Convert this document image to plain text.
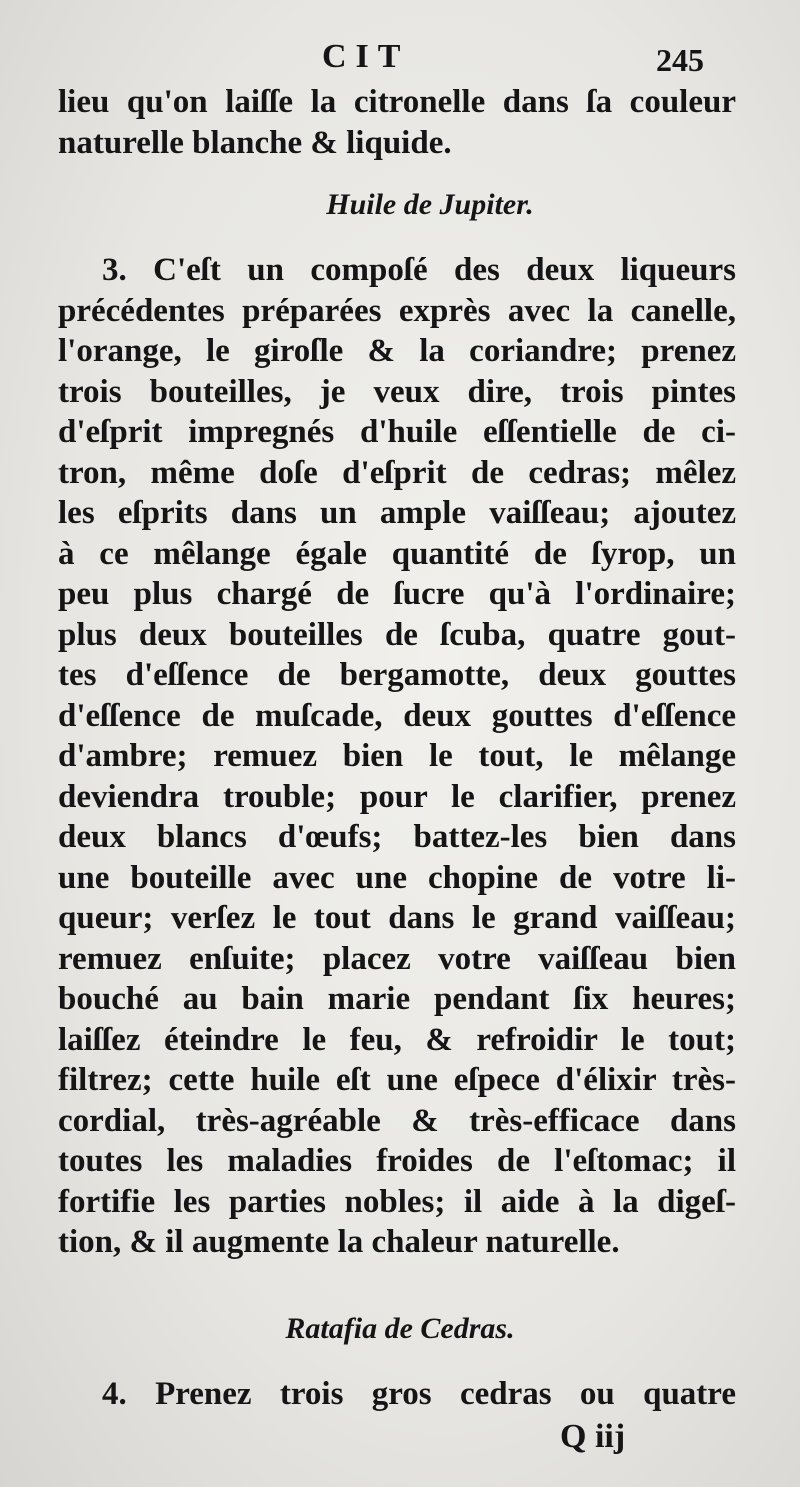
CIT	245
lieu qu'on laiſſe la citronelle dans ſa couleur
naturelle blanche & liquide.
Huile de Jupiter.
3. C'eſt un compoſé des deux liqueurs
précédentes préparées exprès avec la canelle,
l'orange, le giroſle & la coriandre; prenez
trois bouteilles, je veux dire, trois pintes
d'eſprit impregnés d'huile eſſentielle de ci-
tron, même doſe d'eſprit de cedras; mêlez
les eſprits dans un ample vaiſſeau; ajoutez
à ce mêlange égale quantité de ſyrop, un
peu plus chargé de ſucre qu'à l'ordinaire;
plus deux bouteilles de ſcuba, quatre gout-
tes d'eſſence de bergamotte, deux gouttes
d'eſſence de muſcade, deux gouttes d'eſſence
d'ambre; remuez bien le tout, le mêlange
deviendra trouble; pour le clarifier, prenez
deux blancs d'œufs; battez-les bien dans
une bouteille avec une chopine de votre li-
queur; verſez le tout dans le grand vaiſſeau;
remuez enſuite; placez votre vaiſſeau bien
bouché au bain marie pendant ſix heures;
laiſſez éteindre le feu, & refroidir le tout;
filtrez; cette huile eſt une eſpece d'élixir très-
cordial, très-agréable & très-efficace dans
toutes les maladies froides de l'eſtomac; il
fortifie les parties nobles; il aide à la digeſ-
tion, & il augmente la chaleur naturelle.
Ratafia de Cedras.
4. Prenez trois gros cedras ou quatre
Q iij
